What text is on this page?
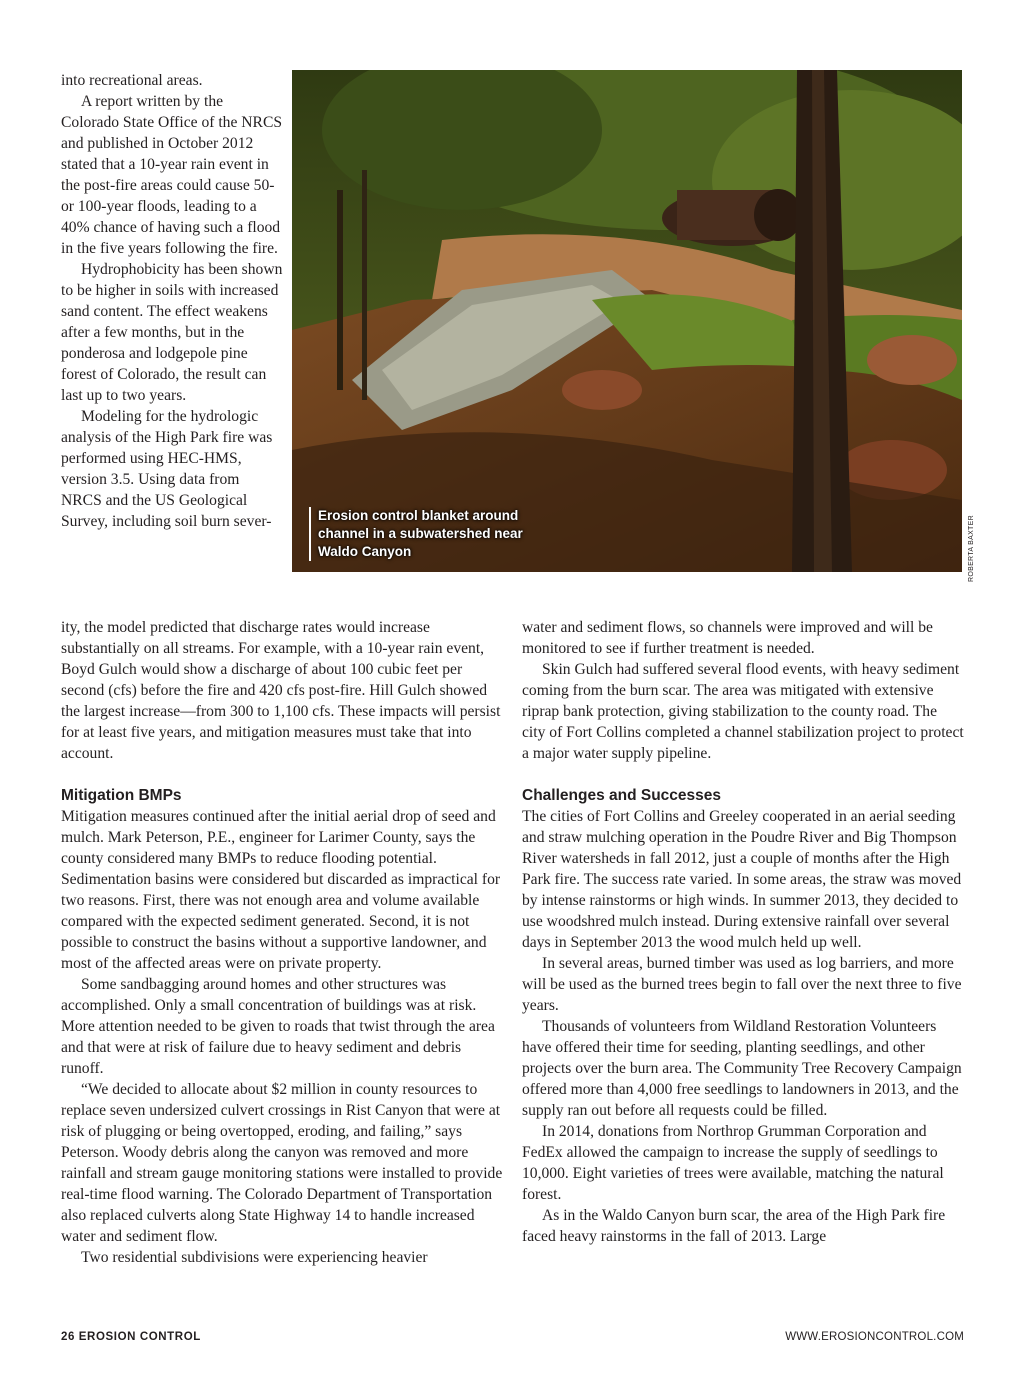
into recreational areas.

A report written by the Colorado State Office of the NRCS and published in October 2012 stated that a 10-year rain event in the post-fire areas could cause 50- or 100-year floods, leading to a 40% chance of having such a flood in the five years following the fire.

Hydrophobicity has been shown to be higher in soils with increased sand content. The effect weakens after a few months, but in the ponderosa and lodgepole pine forest of Colorado, the result can last up to two years.

Modeling for the hydrologic analysis of the High Park fire was performed using HEC-HMS, version 3.5. Using data from NRCS and the US Geological Survey, including soil burn sever-	Erosion control blanket around channel in a subwatershed near Waldo Canyon	ROBERTA BAXTER

ity, the model predicted that discharge rates would increase substantially on all streams. For example, with a 10-year rain event, Boyd Gulch would show a discharge of about 100 cubic feet per second (cfs) before the fire and 420 cfs post-fire. Hill Gulch showed the largest increase—from 300 to 1,100 cfs. These impacts will persist for at least five years, and mitigation measures must take that into account.

Mitigation BMPs

Mitigation measures continued after the initial aerial drop of seed and mulch. Mark Peterson, P.E., engineer for Larimer County, says the county considered many BMPs to reduce flooding potential. Sedimentation basins were considered but discarded as impractical for two reasons. First, there was not enough area and volume available compared with the expected sediment generated. Second, it is not possible to construct the basins without a supportive landowner, and most of the affected areas were on private property.

Some sandbagging around homes and other structures was accomplished. Only a small concentration of buildings was at risk. More attention needed to be given to roads that twist through the area and that were at risk of failure due to heavy sediment and debris runoff.

“We decided to allocate about $2 million in county resources to replace seven undersized culvert crossings in Rist Canyon that were at risk of plugging or being overtopped, eroding, and failing,” says Peterson. Woody debris along the canyon was removed and more rainfall and stream gauge monitoring stations were installed to provide real-time flood warning. The Colorado Department of Transportation also replaced culverts along State Highway 14 to handle increased water and sediment flow.

Two residential subdivisions were experiencing heavier

water and sediment flows, so channels were improved and will be monitored to see if further treatment is needed.

Skin Gulch had suffered several flood events, with heavy sediment coming from the burn scar. The area was mitigated with extensive riprap bank protection, giving stabilization to the county road. The city of Fort Collins completed a channel stabilization project to protect a major water supply pipeline.

Challenges and Successes

The cities of Fort Collins and Greeley cooperated in an aerial seeding and straw mulching operation in the Poudre River and Big Thompson River watersheds in fall 2012, just a couple of months after the High Park fire. The success rate varied. In some areas, the straw was moved by intense rainstorms or high winds. In summer 2013, they decided to use woodshred mulch instead. During extensive rainfall over several days in September 2013 the wood mulch held up well.

In several areas, burned timber was used as log barriers, and more will be used as the burned trees begin to fall over the next three to five years.

Thousands of volunteers from Wildland Restoration Volunteers have offered their time for seeding, planting seedlings, and other projects over the burn area. The Community Tree Recovery Campaign offered more than 4,000 free seedlings to landowners in 2013, and the supply ran out before all requests could be filled.

In 2014, donations from Northrop Grumman Corporation and FedEx allowed the campaign to increase the supply of seedlings to 10,000. Eight varieties of trees were available, matching the natural forest.

As in the Waldo Canyon burn scar, the area of the High Park fire faced heavy rainstorms in the fall of 2013. Large

26 EROSION CONTROL	WWW.EROSIONCONTROL.COM
